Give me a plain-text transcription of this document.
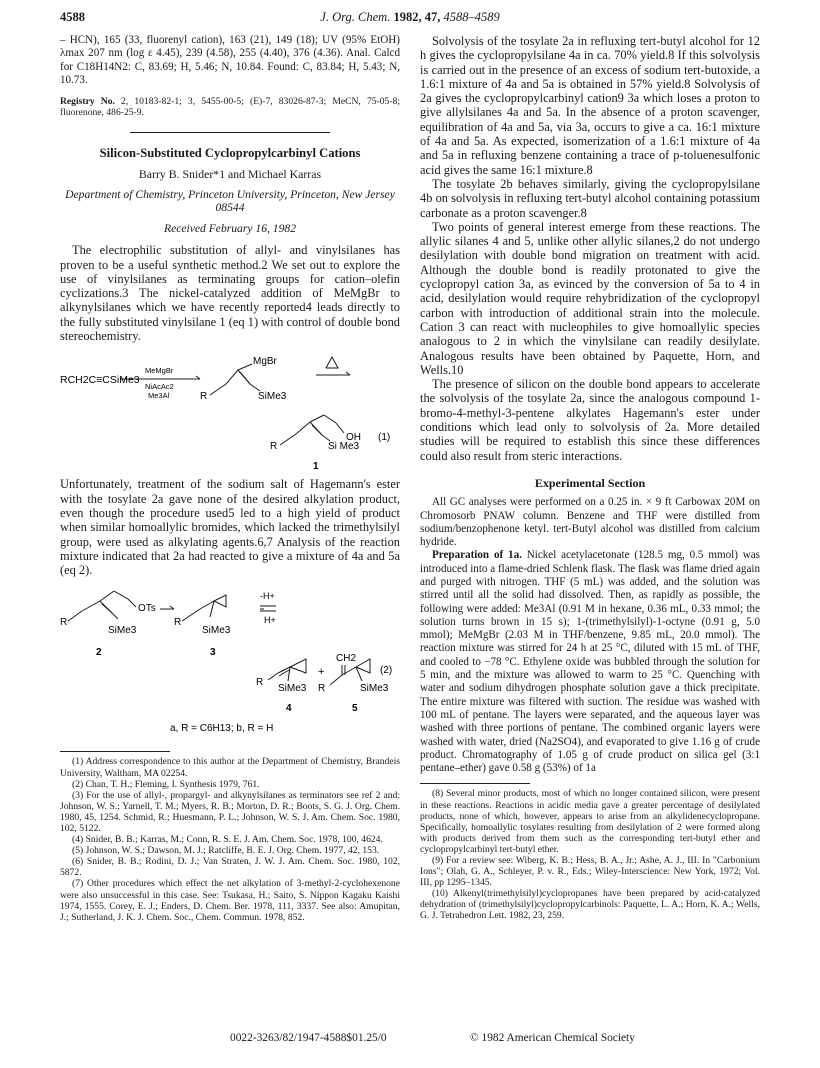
4588	J. Org. Chem. 1982, 47, 4588–4589

– HCN), 165 (33, fluorenyl cation), 163 (21), 149 (18); UV (95% EtOH) λmax 207 nm (log ε 4.45), 239 (4.58), 255 (4.40), 376 (4.36). Anal. Calcd for C18H14N2: C, 83.69; H, 5.46; N, 10.84. Found: C, 83.84; H, 5.43; N, 10.73.

Registry No. 2, 10183-82-1; 3, 5455-00-5; (E)-7, 83026-87-3; MeCN, 75-05-8; fluorenone, 486-25-9.

Silicon-Substituted Cyclopropylcarbinyl Cations
Barry B. Snider*1 and Michael Karras
Department of Chemistry, Princeton University, Princeton, New Jersey 08544
Received February 16, 1982

The electrophilic substitution of allyl- and vinylsilanes has proven to be a useful synthetic method.2 We set out to explore the use of vinylsilanes as terminating groups for cation–olefin cyclizations.3 The nickel-catalyzed addition of MeMgBr to alkynylsilanes which we have recently reported4 leads directly to the fully substituted vinylsilane 1 (eq 1) with control of double bond stereochemistry.

RCH2C≡CSiMe3
MeMgBr
NiAcAc2
Me3Al
MgBr
R	SiMe3
OH (1)
R	Si Me3
1

Unfortunately, treatment of the sodium salt of Hagemann's ester with the tosylate 2a gave none of the desired alkylation product, even though the procedure used5 led to a high yield of product when similar homoallylic bromides, which lacked the trimethylsilyl group, were used as alkylating agents.6,7 Analysis of the reaction mixture indicated that 2a had reacted to give a mixture of 4a and 5a (eq 2).

OTs
R
SiMe3
2
R
SiMe3
3
-H+
H+
R
SiMe3
+
CH2
R	SiMe3
(2)
4	5
a, R = C6H13; b, R = H

(1) Address correspondence to this author at the Department of Chemistry, Brandeis University, Waltham, MA 02254.

(2) Chan, T. H.; Fleming, I. Synthesis 1979, 761.

(3) For the use of allyl-, propargyl- and alkynylsilanes as terminators see ref 2 and: Johnson, W. S.; Yarnell, T. M.; Myers, R. B.; Morton, D. R.; Boots, S. G. J. Org. Chem. 1980, 45, 1254. Schmid, R.; Huesmann, P. L.; Johnson, W. S. J. Am. Chem. Soc. 1980, 102, 5122.

(4) Snider, B. B.; Karras, M.; Conn, R. S. E. J. Am. Chem. Soc. 1978, 100, 4624.

(5) Johnson, W. S.; Dawson, M. J.; Ratcliffe, B. E. J. Org. Chem. 1977, 42, 153.

(6) Snider, B. B.; Rodini, D. J.; Van Straten, J. W. J. Am. Chem. Soc. 1980, 102, 5872.

(7) Other procedures which effect the net alkylation of 3-methyl-2-cyclohexenone were also unsuccessful in this case. See: Tsukasa, H.; Saito, S. Nippon Kagaku Kaishi 1974, 1555. Corey, E. J.; Enders, D. Chem. Ber. 1978, 111, 3337. See also: Amupitan, J.; Sutherland, J. K. J. Chem. Soc., Chem. Commun. 1978, 852.

Solvolysis of the tosylate 2a in refluxing tert-butyl alcohol for 12 h gives the cyclopropylsilane 4a in ca. 70% yield.8 If this solvolysis is carried out in the presence of an excess of sodium tert-butoxide, a 1.6:1 mixture of 4a and 5a is obtained in 57% yield.8 Solvolysis of 2a gives the cyclopropylcarbinyl cation9 3a which loses a proton to give allylsilanes 4a and 5a. In the absence of a proton scavenger, equilibration of 4a and 5a, via 3a, occurs to give a ca. 16:1 mixture of 4a and 5a. As expected, isomerization of a 1.6:1 mixture of 4a and 5a in refluxing benzene containing a trace of p-toluenesulfonic acid gives the same 16:1 mixture.8

The tosylate 2b behaves similarly, giving the cyclopropylsilane 4b on solvolysis in refluxing tert-butyl alcohol containing potassium carbonate as a proton scavenger.8

Two points of general interest emerge from these reactions. The allylic silanes 4 and 5, unlike other allylic silanes,2 do not undergo desilylation with double bond migration on treatment with acid. Although the double bond is readily protonated to give the cyclopropyl cation 3a, as evinced by the conversion of 5a to 4 in acid, desilylation would require rehybridization of the cyclopropyl carbon with introduction of additional strain into the molecule. Cation 3 can react with nucleophiles to give homoallylic species analogous to 2 in which the vinylsilane can readily desilylate. Analogous results have been obtained by Paquette, Horn, and Wells.10

The presence of silicon on the double bond appears to accelerate the solvolysis of the tosylate 2a, since the analogous compound 1-bromo-4-methyl-3-pentene alkylates Hagemann's ester under conditions which lead only to solvolysis of 2a. More detailed studies will be required to establish this since these differences could also result from steric interactions.

Experimental Section

All GC analyses were performed on a 0.25 in. × 9 ft Carbowax 20M on Chromosorb PNAW column. Benzene and THF were distilled from sodium/benzophenone ketyl. tert-Butyl alcohol was distilled from calcium hydride.

Preparation of 1a. Nickel acetylacetonate (128.5 mg, 0.5 mmol) was introduced into a flame-dried Schlenk flask. The flask was flame dried again and purged with nitrogen. THF (5 mL) was added, and the solution was stirred until all the solid had dissolved. Then, as rapidly as possible, the following were added: Me3Al (0.91 M in hexane, 0.36 mL, 0.33 mmol; the solution turns brown in 15 s); 1-(trimethylsilyl)-1-octyne (0.91 g, 5.0 mmol); MeMgBr (2.03 M in THF/benzene, 9.85 mL, 20.0 mmol). The reaction mixture was stirred for 24 h at 25 °C, diluted with 15 mL of THF, and cooled to −78 °C. Ethylene oxide was bubbled through the solution for 5 min, and the mixture was allowed to warm to 25 °C. Quenching with water and sodium dihydrogen phosphate solution gave a thick precipitate. The entire mixture was filtered with suction. The residue was washed with 100 mL of pentane. The layers were separated, and the aqueous layer was washed with three portions of pentane. The combined organic layers were washed with water, dried (Na2SO4), and evaporated to give 1.16 g of crude product. Chromatography of 1.05 g of crude product on silica gel (3:1 pentane–ether) gave 0.58 g (53%) of 1a

(8) Several minor products, most of which no longer contained silicon, were present in these reactions. Reactions in acidic media gave a greater percentage of desilylated products, none of which, however, appears to arise from an alkylidenecyclopropane. Specifically, homoallylic tosylates resulting from desilylation of 2 were formed along with products derived from them such as the corresponding tert-butyl ether and cyclopropylcarbinyl tert-butyl ether.

(9) For a review see: Wiberg, K. B.; Hess, B. A., Jr.; Ashe, A. J., III. In "Carbonium Ions"; Olah, G. A., Schleyer, P. v. R., Eds.; Wiley-Interscience: New York, 1972; Vol. III, pp 1295–1345.

(10) Alkenyl(trimethylsilyl)cyclopropanes have been prepared by acid-catalyzed dehydration of (trimethylsilyl)cyclopropylcarbinols: Paquette, L. A.; Horn, K. A.; Wells, G. J. Tetrahedron Lett. 1982, 23, 259.

0022-3263/82/1947-4588$01.25/0	© 1982 American Chemical Society
